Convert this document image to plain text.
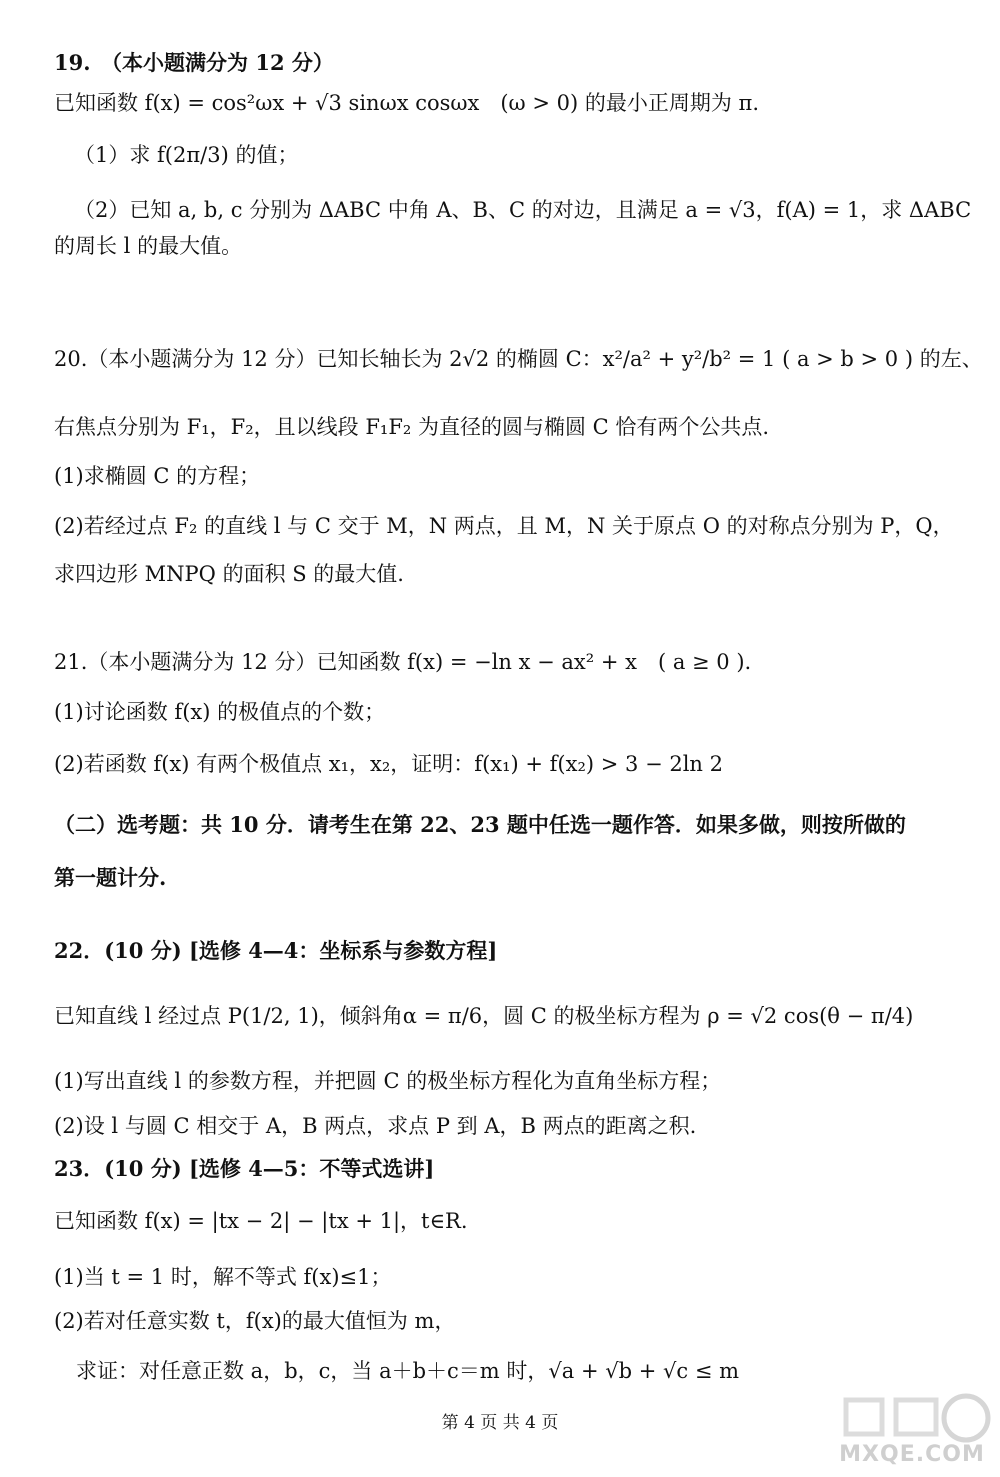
19.　（本小题满分为 12 分）
已知函数 f(x) = cos²ωx + √3 sinωx cosωx　(ω > 0) 的最小正周期为 π.
（1）求 f(2π/3) 的值；
（2）已知 a, b, c 分别为 ΔABC 中角 A、B、C 的对边，且满足 a = √3，f(A) = 1，求 ΔABC
的周长 l 的最大值。
20.（本小题满分为 12 分）已知长轴长为 2√2 的椭圆 C：x²/a² + y²/b² = 1 ( a > b > 0 ) 的左、
右焦点分别为 F₁，F₂，且以线段 F₁F₂ 为直径的圆与椭圆 C 恰有两个公共点.
(1)求椭圆 C 的方程；
(2)若经过点 F₂ 的直线 l 与 C 交于 M，N 两点，且 M，N 关于原点 O 的对称点分别为 P，Q，
求四边形 MNPQ 的面积 S 的最大值.
21.（本小题满分为 12 分）已知函数 f(x) = −ln x − ax² + x　( a ≥ 0 ).
(1)讨论函数 f(x) 的极值点的个数；
(2)若函数 f(x) 有两个极值点 x₁，x₂，证明：f(x₁) + f(x₂) > 3 − 2ln 2
（二）选考题：共 10 分．请考生在第 22、23 题中任选一题作答．如果多做，则按所做的
第一题计分.
22．(10 分) [选修 4—4：坐标系与参数方程]
已知直线 l 经过点 P(1/2, 1)，倾斜角α = π/6，圆 C 的极坐标方程为 ρ = √2 cos(θ − π/4)
(1)写出直线 l 的参数方程，并把圆 C 的极坐标方程化为直角坐标方程；
(2)设 l 与圆 C 相交于 A，B 两点，求点 P 到 A，B 两点的距离之积.
23．(10 分) [选修 4—5：不等式选讲]
已知函数 f(x) = |tx − 2| − |tx + 1|，t∈R.
(1)当 t = 1 时，解不等式 f(x)≤1；
(2)若对任意实数 t，f(x)的最大值恒为 m，
求证：对任意正数 a，b，c，当 a＋b＋c＝m 时，√a + √b + √c ≤ m
第 4 页 共 4 页
MXQE.COM
